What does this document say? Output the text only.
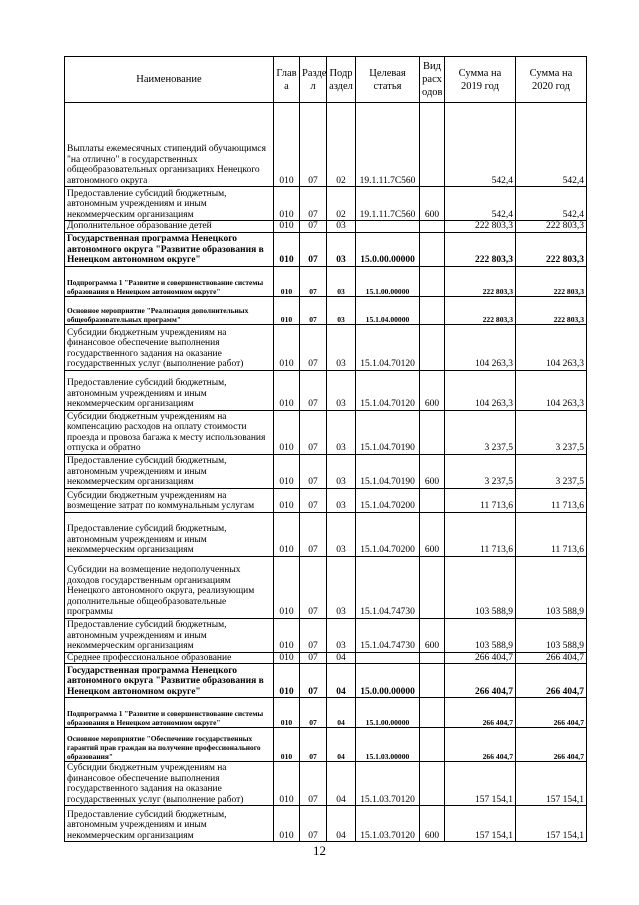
Наименование	Глав а	Разде л	Подр аздел	Целевая статья	Вид расх одов	Сумма на 2019 год	Сумма на 2020 год
Выплаты ежемесячных стипендий обучающимся "на отлично" в государственных общеобразовательных организациях Ненецкого автономного округа	010	07	02	19.1.11.7С560		542,4	542,4
Предоставление субсидий бюджетным, автономным учреждениям и иным некоммерческим организациям	010	07	02	19.1.11.7С560	600	542,4	542,4
Дополнительное образование детей	010	07	03			222 803,3	222 803,3
Государственная программа Ненецкого автономного округа "Развитие образования в Ненецком автономном округе"	010	07	03	15.0.00.00000		222 803,3	222 803,3
Подпрограмма 1 "Развитие и совершенствование системы образования в Ненецком автономном округе"	010	07	03	15.1.00.00000		222 803,3	222 803,3
Основное мероприятие "Реализация дополнительных общеобразовательных программ"	010	07	03	15.1.04.00000		222 803,3	222 803,3
Субсидии бюджетным учреждениям на финансовое обеспечение выполнения государственного задания на оказание государственных услуг (выполнение работ)	010	07	03	15.1.04.70120		104 263,3	104 263,3
Предоставление субсидий бюджетным, автономным учреждениям и иным некоммерческим организациям	010	07	03	15.1.04.70120	600	104 263,3	104 263,3
Субсидии бюджетным учреждениям на компенсацию расходов на оплату стоимости проезда и провоза багажа к месту использования отпуска и обратно	010	07	03	15.1.04.70190		3 237,5	3 237,5
Предоставление субсидий бюджетным, автономным учреждениям и иным некоммерческим организациям	010	07	03	15.1.04.70190	600	3 237,5	3 237,5
Субсидии бюджетным учреждениям на возмещение затрат по коммунальным услугам	010	07	03	15.1.04.70200		11 713,6	11 713,6
Предоставление субсидий бюджетным, автономным учреждениям и иным некоммерческим организациям	010	07	03	15.1.04.70200	600	11 713,6	11 713,6
Субсидии на возмещение недополученных доходов государственным организациям Ненецкого автономного округа, реализующим дополнительные общеобразовательные программы	010	07	03	15.1.04.74730		103 588,9	103 588,9
Предоставление субсидий бюджетным, автономным учреждениям и иным некоммерческим организациям	010	07	03	15.1.04.74730	600	103 588,9	103 588,9
Среднее профессиональное образование	010	07	04			266 404,7	266 404,7
Государственная программа Ненецкого автономного округа "Развитие образования в Ненецком автономном округе"	010	07	04	15.0.00.00000		266 404,7	266 404,7
Подпрограмма 1 "Развитие и совершенствование системы образования в Ненецком автономном округе"	010	07	04	15.1.00.00000		266 404,7	266 404,7
Основное мероприятие "Обеспечение государственных гарантий прав граждан на получение профессионального образования"	010	07	04	15.1.03.00000		266 404,7	266 404,7
Субсидии бюджетным учреждениям на финансовое обеспечение выполнения государственного задания на оказание государственных услуг (выполнение работ)	010	07	04	15.1.03.70120		157 154,1	157 154,1
Предоставление субсидий бюджетным, автономным учреждениям и иным некоммерческим организациям	010	07	04	15.1.03.70120	600	157 154,1	157 154,1
12
